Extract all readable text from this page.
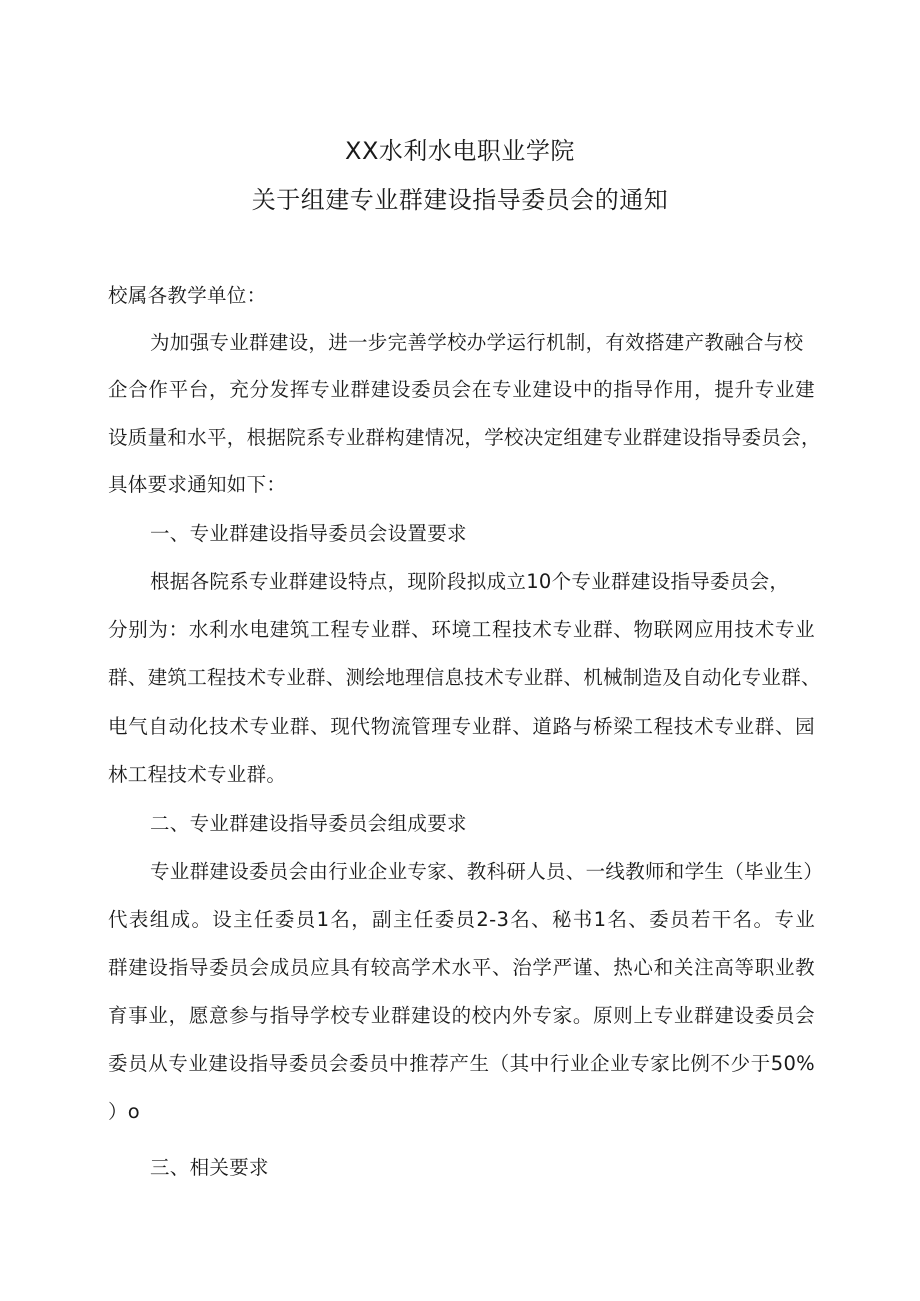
XX水利水电职业学院
关于组建专业群建设指导委员会的通知
校属各教学单位：
为加强专业群建设，进一步完善学校办学运行机制，有效搭建产教融合与校
企合作平台，充分发挥专业群建设委员会在专业建设中的指导作用，提升专业建
设质量和水平，根据院系专业群构建情况，学校决定组建专业群建设指导委员会，
具体要求通知如下：
一、专业群建设指导委员会设置要求
根据各院系专业群建设特点，现阶段拟成立10个专业群建设指导委员会，
分别为：水利水电建筑工程专业群、环境工程技术专业群、物联网应用技术专业
群、建筑工程技术专业群、测绘地理信息技术专业群、机械制造及自动化专业群、
电气自动化技术专业群、现代物流管理专业群、道路与桥梁工程技术专业群、园
林工程技术专业群。
二、专业群建设指导委员会组成要求
专业群建设委员会由行业企业专家、教科研人员、一线教师和学生（毕业生）
代表组成。设主任委员1名，副主任委员2-3名、秘书1名、委员若干名。专业
群建设指导委员会成员应具有较高学术水平、治学严谨、热心和关注高等职业教
育事业，愿意参与指导学校专业群建设的校内外专家。原则上专业群建设委员会
委员从专业建设指导委员会委员中推荐产生（其中行业企业专家比例不少于50%
）o
三、相关要求
